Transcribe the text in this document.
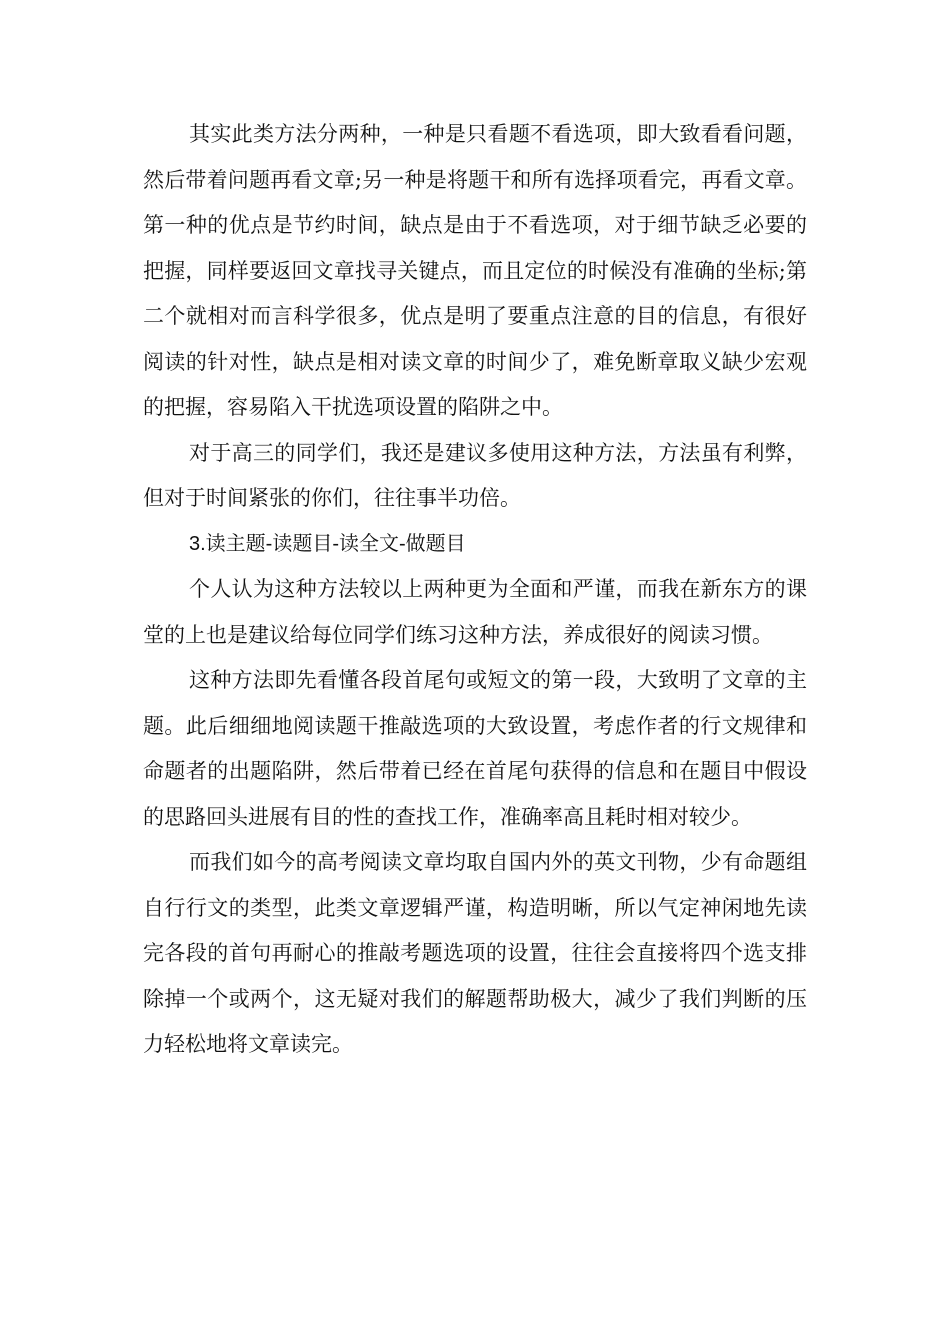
其实此类方法分两种，一种是只看题不看选项，即大致看看问题，然后带着问题再看文章;另一种是将题干和所有选择项看完，再看文章。第一种的优点是节约时间，缺点是由于不看选项，对于细节缺乏必要的把握，同样要返回文章找寻关键点，而且定位的时候没有准确的坐标;第二个就相对而言科学很多，优点是明了要重点注意的目的信息，有很好阅读的针对性，缺点是相对读文章的时间少了，难免断章取义缺少宏观的把握，容易陷入干扰选项设置的陷阱之中。

对于高三的同学们，我还是建议多使用这种方法，方法虽有利弊，但对于时间紧张的你们，往往事半功倍。

3.读主题-读题目-读全文-做题目

个人认为这种方法较以上两种更为全面和严谨，而我在新东方的课堂的上也是建议给每位同学们练习这种方法，养成很好的阅读习惯。

这种方法即先看懂各段首尾句或短文的第一段，大致明了文章的主题。此后细细地阅读题干推敲选项的大致设置，考虑作者的行文规律和命题者的出题陷阱，然后带着已经在首尾句获得的信息和在题目中假设的思路回头进展有目的性的查找工作，准确率高且耗时相对较少。

而我们如今的高考阅读文章均取自国内外的英文刊物，少有命题组自行行文的类型，此类文章逻辑严谨，构造明晰，所以气定神闲地先读完各段的首句再耐心的推敲考题选项的设置，往往会直接将四个选支排除掉一个或两个，这无疑对我们的解题帮助极大，减少了我们判断的压力轻松地将文章读完。
